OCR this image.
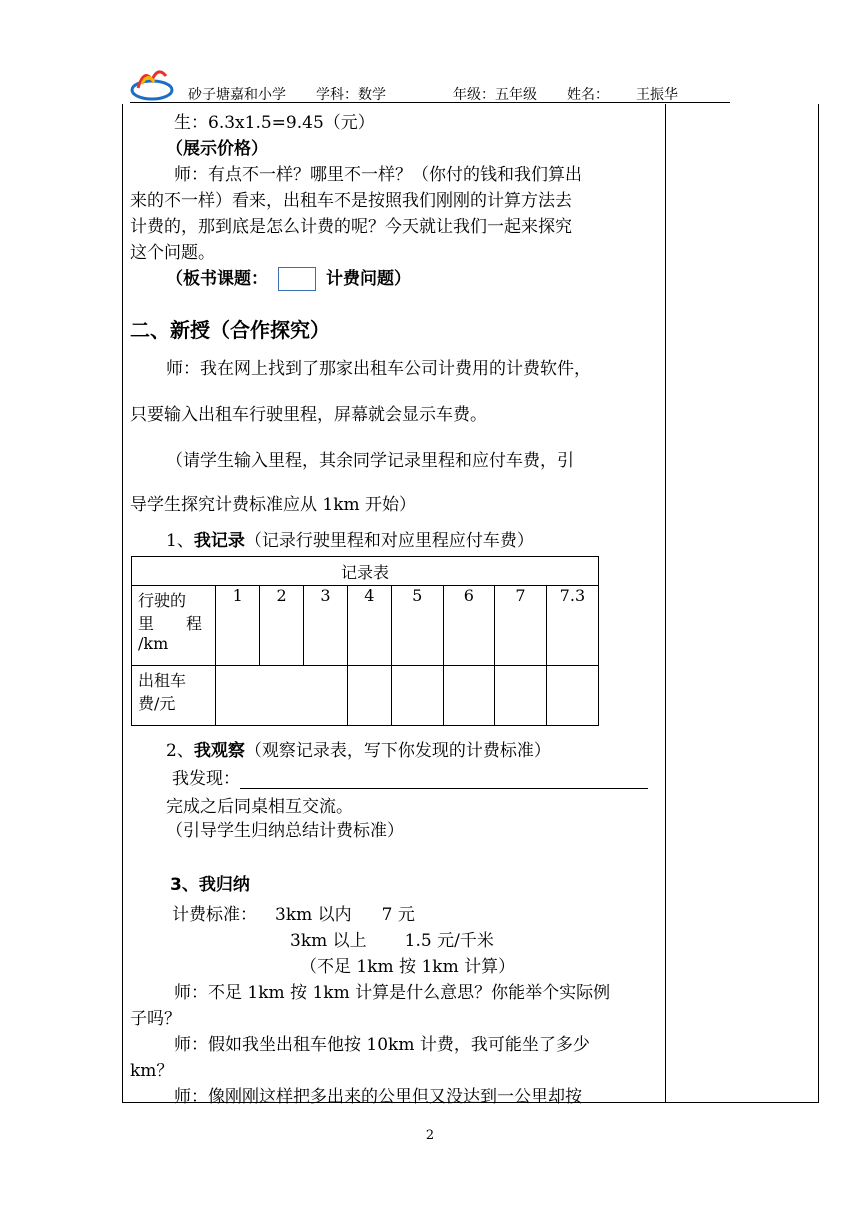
砂子塘嘉和小学 学科：数学	年级：五年级 姓名： 王振华
生：6.3x1.5=9.45（元）
（展示价格）
师：有点不一样？哪里不一样？（你付的钱和我们算出
来的不一样）看来，出租车不是按照我们刚刚的计算方法去
计费的，那到底是怎么计费的呢？今天就让我们一起来探究
这个问题。
（板书课题：	计费问题）
二、新授（合作探究）
师：我在网上找到了那家出租车公司计费用的计费软件，
只要输入出租车行驶里程，屏幕就会显示车费。
（请学生输入里程，其余同学记录里程和应付车费，引
导学生探究计费标准应从 1km 开始）
1、我记录（记录行驶里程和对应里程应付车费）
2、我观察（观察记录表，写下你发现的计费标准）
我发现：
完成之后同桌相互交流。
（引导学生归纳总结计费标准）
3、我归纳
计费标准： 3km 以内 7 元
3km 以上 1.5 元/千米
（不足 1km 按 1km 计算）
师：不足 1km 按 1km 计算是什么意思？你能举个实际例
子吗？
师：假如我坐出租车他按 10km 计费，我可能坐了多少
km？
师：像刚刚这样把多出来的公里但又没达到一公里却按
记录表								

行驶的
里　　程
/km	1	2	3	4	5	6	7	7.3

出租车
费/元								

2
